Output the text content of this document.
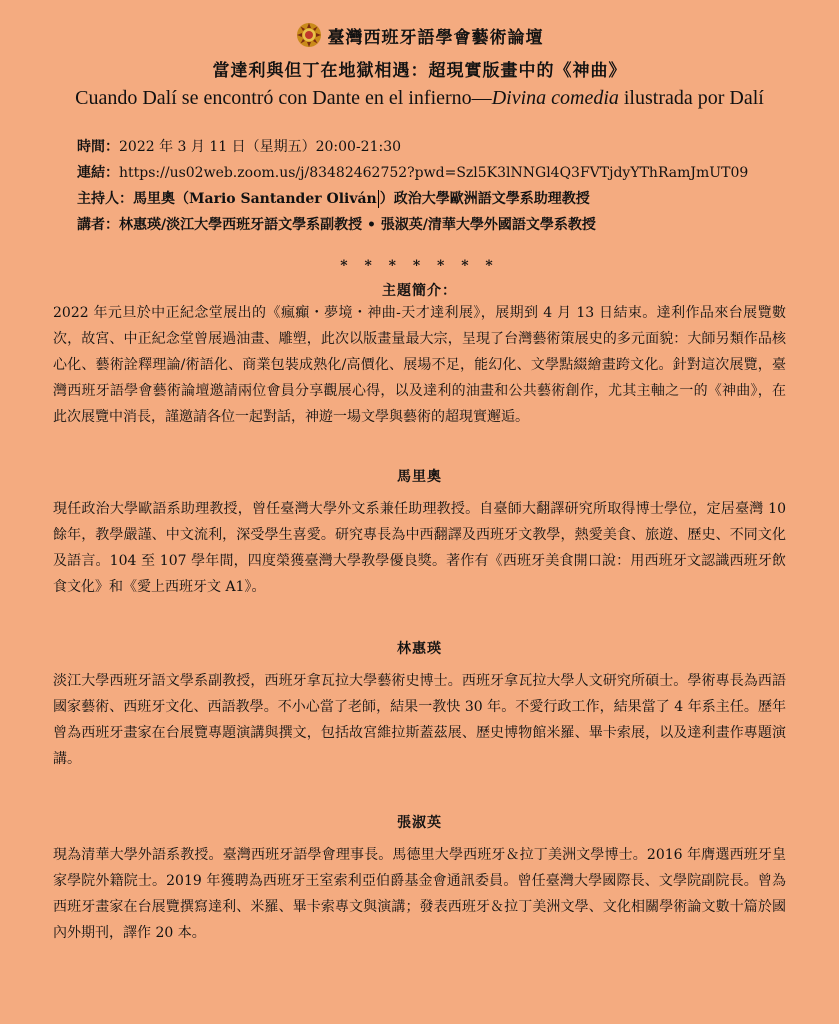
臺灣西班牙語學會藝術論壇
當達利與但丁在地獄相遇：超現實版畫中的《神曲》
Cuando Dalí se encontró con Dante en el infierno—Divina comedia ilustrada por Dalí
時間：2022 年 3 月 11 日（星期五）20:00-21:30
連結：https://us02web.zoom.us/j/83482462752?pwd=Szl5K3lNNGl4Q3FVTjdyYThRamJmUT09
主持人：馬里奧（Mario Santander Oliván ）政治大學歐洲語文學系助理教授
講者：林惠瑛/淡江大學西班牙語文學系副教授 • 張淑英/清華大學外國語文學系教授
* * * * * * *
主題簡介：
2022 年元旦於中正紀念堂展出的《瘋癲・夢境・神曲-天才達利展》，展期到 4 月 13 日結束。達利作品來台展覽數次，故宮、中正紀念堂曾展過油畫、雕塑，此次以版畫量最大宗，呈現了台灣藝術策展史的多元面貌：大師另類作品核心化、藝術詮釋理論/術語化、商業包裝成熟化/高價化、展場不足，能幻化、文學點綴繪畫跨文化。針對這次展覽，臺灣西班牙語學會藝術論壇邀請兩位會員分享觀展心得，以及達利的油畫和公共藝術創作，尤其主軸之一的《神曲》，在此次展覽中消長，謹邀請各位一起對話，神遊一場文學與藝術的超現實邂逅。
馬里奧
現任政治大學歐語系助理教授，曾任臺灣大學外文系兼任助理教授。自臺師大翻譯研究所取得博士學位，定居臺灣 10 餘年，教學嚴謹、中文流利，深受學生喜愛。研究專長為中西翻譯及西班牙文教學，熱愛美食、旅遊、歷史、不同文化及語言。104 至 107 學年間，四度榮獲臺灣大學教學優良獎。著作有《西班牙美食開口說：用西班牙文認識西班牙飲食文化》和《愛上西班牙文 A1》。
林惠瑛
淡江大學西班牙語文學系副教授，西班牙拿瓦拉大學藝術史博士。西班牙拿瓦拉大學人文研究所碩士。學術專長為西語國家藝術、西班牙文化、西語教學。不小心當了老師，結果一教快 30 年。不愛行政工作，結果當了 4 年系主任。歷年曾為西班牙畫家在台展覽專題演講與撰文，包括故宮維拉斯蓋茲展、歷史博物館米羅、畢卡索展，以及達利畫作專題演講。
張淑英
現為清華大學外語系教授。臺灣西班牙語學會理事長。馬德里大學西班牙＆拉丁美洲文學博士。2016 年膺選西班牙皇家學院外籍院士。2019 年獲聘為西班牙王室索利亞伯爵基金會通訊委員。曾任臺灣大學國際長、文學院副院長。曾為西班牙畫家在台展覽撰寫達利、米羅、畢卡索專文與演講；發表西班牙＆拉丁美洲文學、文化相關學術論文數十篇於國內外期刊，譯作 20 本。
